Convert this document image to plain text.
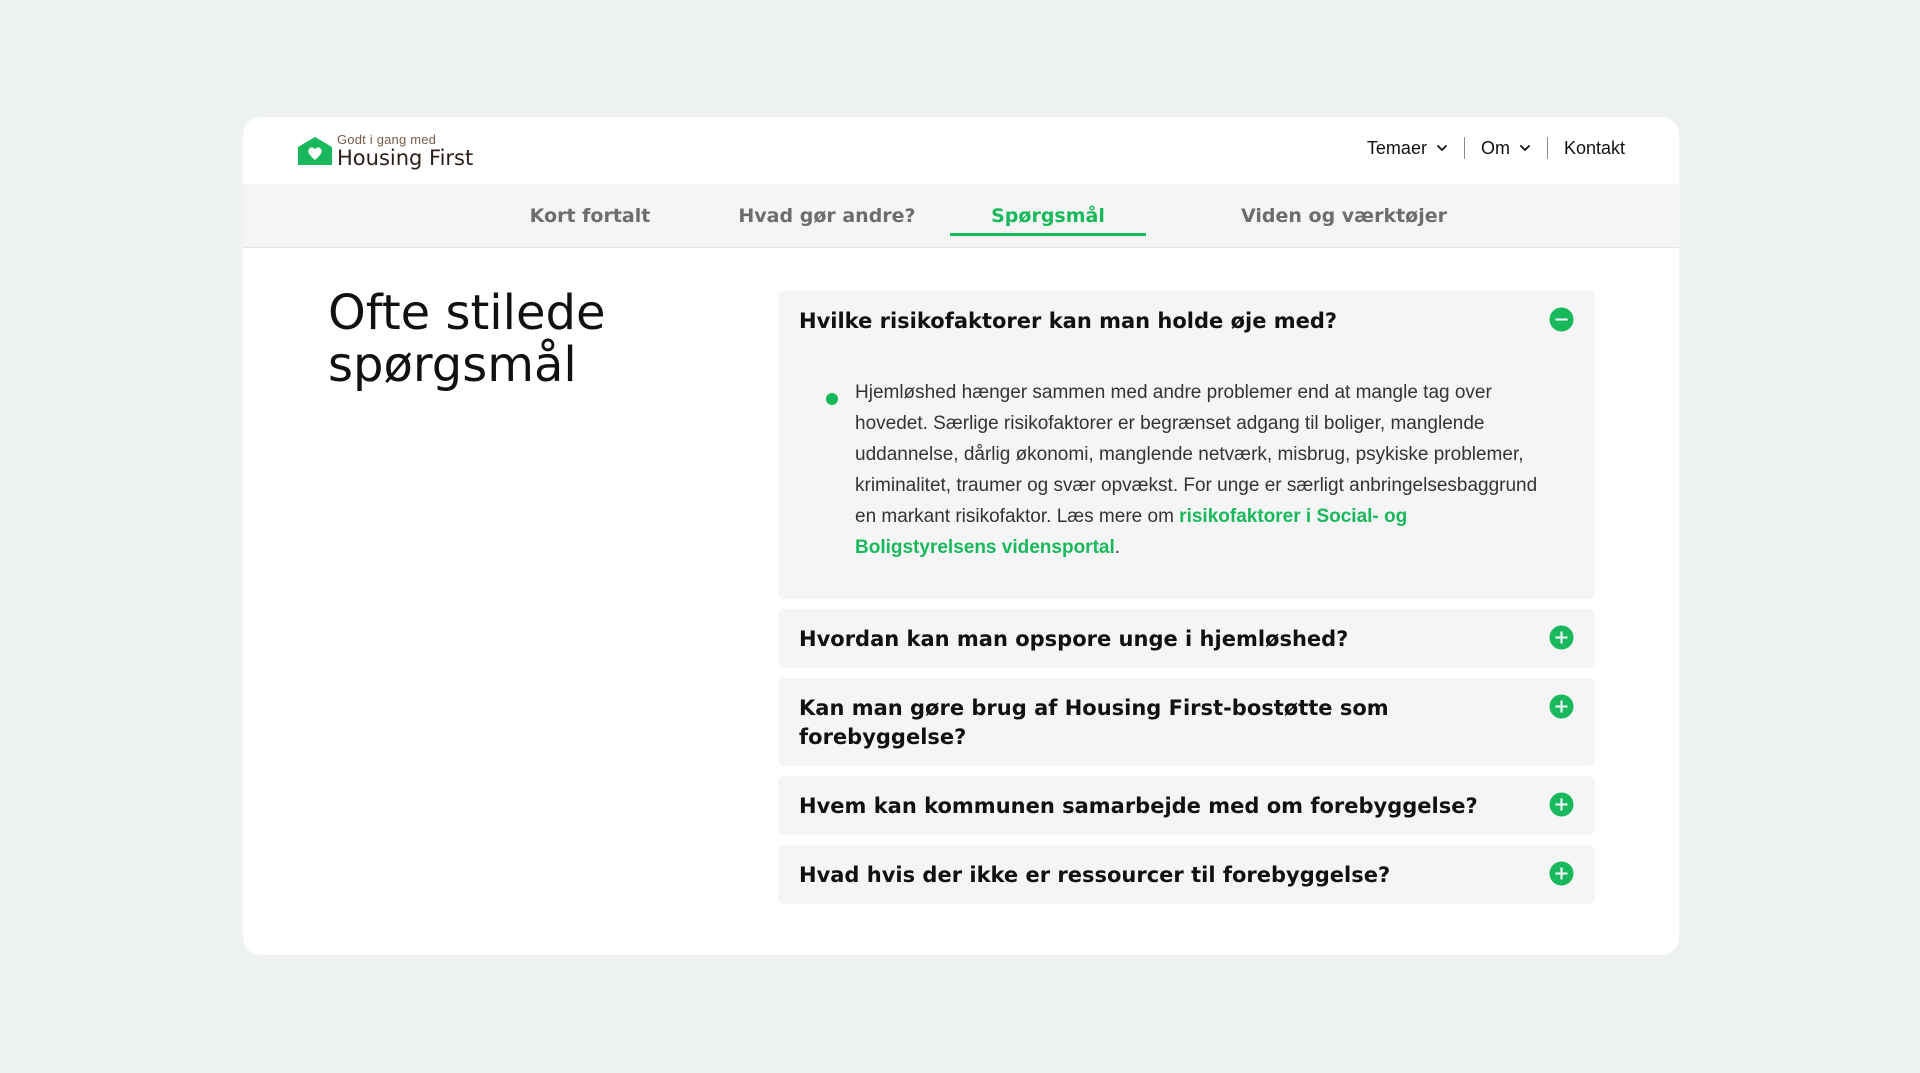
Godt i gang med
Housing First	Temaer	Om	Kontakt
Kort fortalt	Hvad gør andre?	Spørgsmål	Viden og værktøjer
Ofte stilede spørgsmål
Hvilke risikofaktorer kan man holde øje med?
Hjemløshed hænger sammen med andre problemer end at mangle tag over hovedet. Særlige risikofaktorer er begrænset adgang til boliger, manglende uddannelse, dårlig økonomi, manglende netværk, misbrug, psykiske problemer, kriminalitet, traumer og svær opvækst. For unge er særligt anbringelsesbaggrund en markant risikofaktor. Læs mere om risikofaktorer i Social- og Boligstyrelsens vidensportal.
Hvordan kan man opspore unge i hjemløshed?
Kan man gøre brug af Housing First-bostøtte som forebyggelse?
Hvem kan kommunen samarbejde med om forebyggelse?
Hvad hvis der ikke er ressourcer til forebyggelse?
